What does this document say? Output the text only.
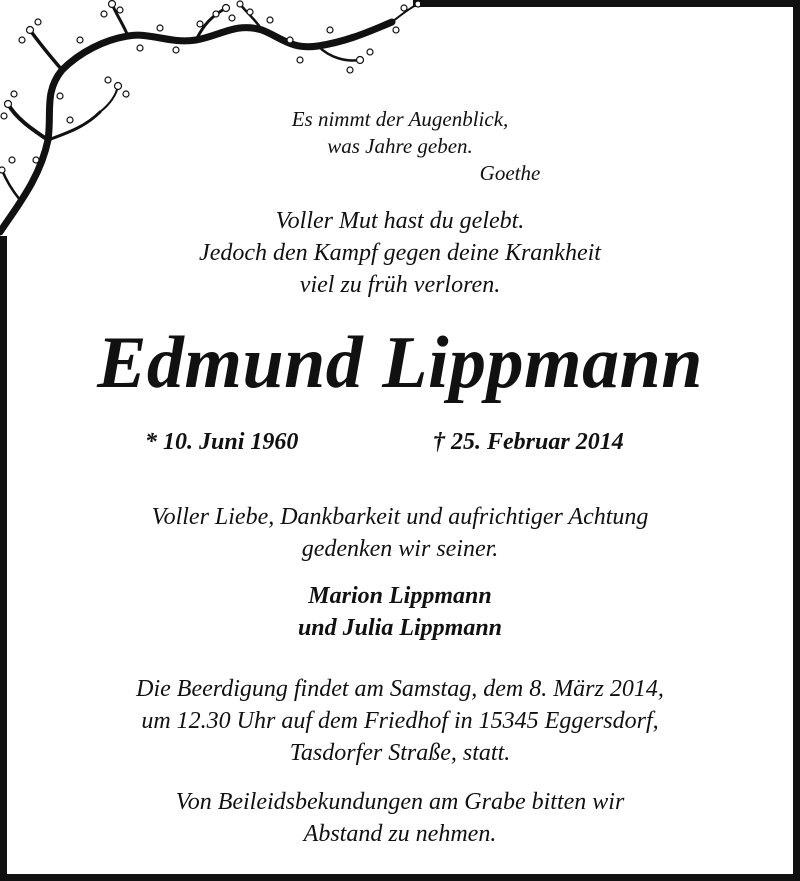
Es nimmt der Augenblick,
was Jahre geben.
Goethe
Voller Mut hast du gelebt.
Jedoch den Kampf gegen deine Krankheit
viel zu früh verloren.
Edmund Lippmann
* 10. Juni 1960	† 25. Februar 2014
Voller Liebe, Dankbarkeit und aufrichtiger Achtung
gedenken wir seiner.
Marion Lippmann
und Julia Lippmann
Die Beerdigung findet am Samstag, dem 8. März 2014,
um 12.30 Uhr auf dem Friedhof in 15345 Eggersdorf,
Tasdorfer Straße, statt.
Von Beileidsbekundungen am Grabe bitten wir
Abstand zu nehmen.
